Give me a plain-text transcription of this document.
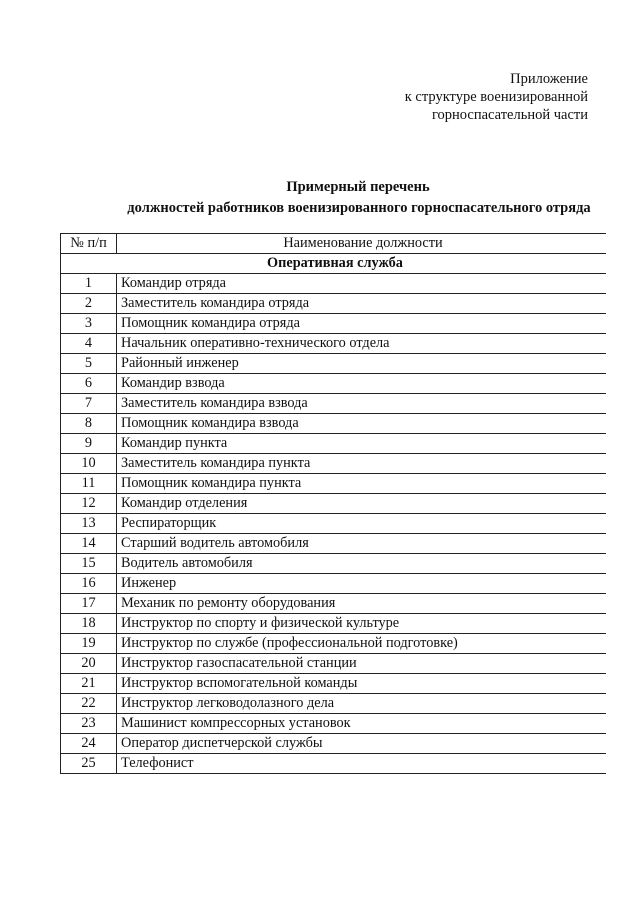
Приложение
к структуре военизированной
горноспасательной части
Примерный перечень
должностей работников военизированного горноспасательного отряда
№ п/п	Наименование должности
Оперативная служба	
1	Командир отряда
2	Заместитель командира отряда
3	Помощник командира отряда
4	Начальник оперативно-технического отдела
5	Районный инженер
6	Командир взвода
7	Заместитель командира взвода
8	Помощник командира взвода
9	Командир пункта
10	Заместитель командира пункта
11	Помощник командира пункта
12	Командир отделения
13	Респираторщик
14	Старший водитель автомобиля
15	Водитель автомобиля
16	Инженер
17	Механик по ремонту оборудования
18	Инструктор по спорту и физической культуре
19	Инструктор по службе (профессиональной подготовке)
20	Инструктор газоспасательной станции
21	Инструктор вспомогательной команды
22	Инструктор легководолазного дела
23	Машинист компрессорных установок
24	Оператор диспетчерской службы
25	Телефонист
